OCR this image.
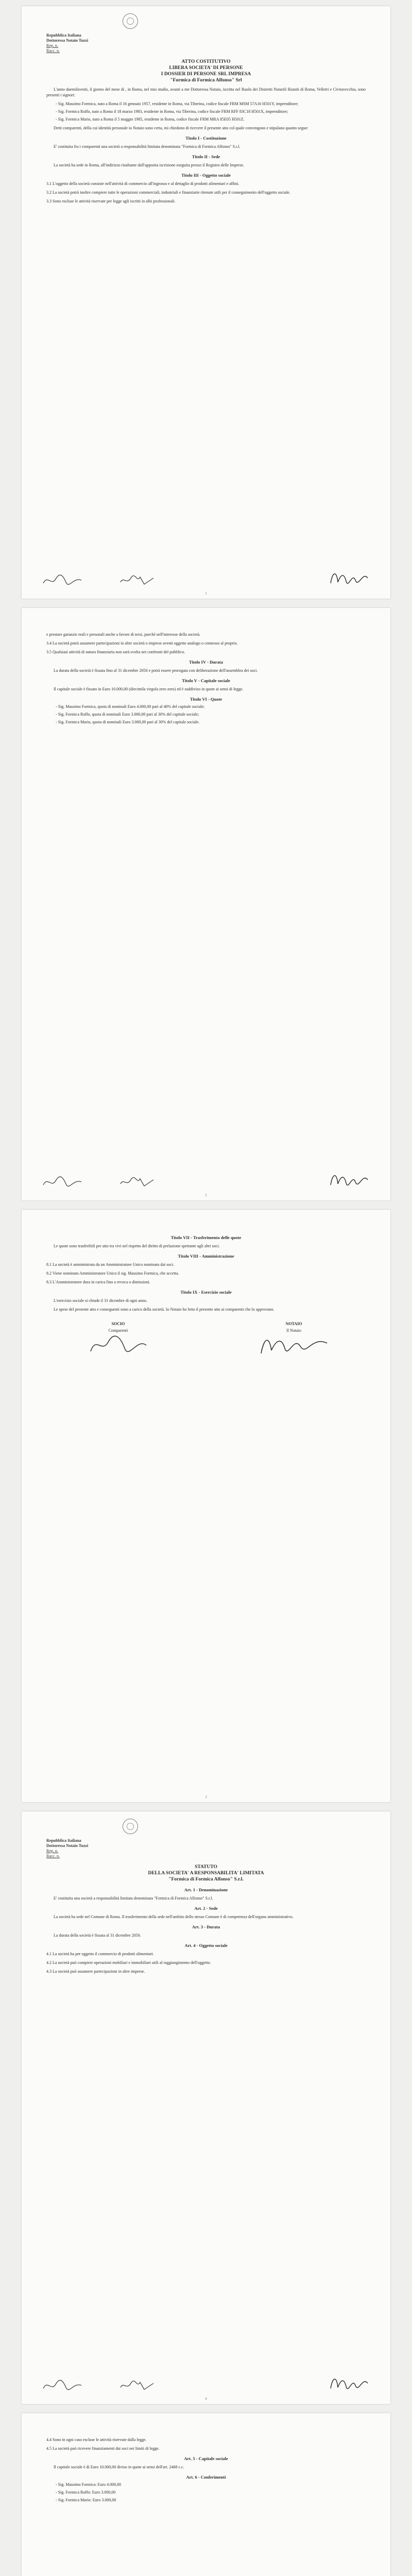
Repubblica Italiana
Dottoressa Notaio Tuzzi
Rep. n.
Racc. n.
ATTO COSTITUTIVO
LIBERA SOCIETA' DI PERSONE
I DOSSIER DI PERSONE SRL IMPRESA
"Formica di Formica Alfonso" Srl
L'anno duemilaventi, il giorno del mese di , in Roma, nel mio studio, avanti a me Dottoressa Notaio, iscritta nel Ruolo dei Distretti Notarili Riuniti di Roma, Velletri e Civitavecchia, sono presenti i signori:
- Sig. Massimo Formica, nato a Roma il 16 gennaio 1957, residente in Roma, via Tiberina, codice fiscale FRM MSM 57A16 H501Y, imprenditore;
- Sig. Formica Roffo, nato a Roma il 18 marzo 1983, residente in Roma, via Tiberina, codice fiscale FRM RFF 83C18 H501X, imprenditore;
- Sig. Formica Mario, nato a Roma il 5 maggio 1985, residente in Roma, codice fiscale FRM MRA 85E05 H501Z.
Detti comparenti, della cui identità personale io Notaio sono certa, mi chiedono di ricevere il presente atto col quale convengono e stipulano quanto segue:
Titolo I - Costituzione
E' costituita fra i comparenti una società a responsabilità limitata denominata "Formica di Formica Alfonso" S.r.l.
Titolo II - Sede
La società ha sede in Roma, all'indirizzo risultante dall'apposita iscrizione eseguita presso il Registro delle Imprese.
Titolo III - Oggetto sociale
3.1 L'oggetto della società consiste nell'attività di commercio all'ingrosso e al dettaglio di prodotti alimentari e affini.
3.2 La società potrà inoltre compiere tutte le operazioni commerciali, industriali e finanziarie ritenute utili per il conseguimento dell'oggetto sociale.
3.3 Sono escluse le attività riservate per legge agli iscritti in albi professionali.
1
e prestare garanzie reali e personali anche a favore di terzi, purché nell'interesse della società.
3.4 La società potrà assumere partecipazioni in altre società o imprese aventi oggetto analogo o connesso al proprio.
3.5 Qualsiasi attività di natura finanziaria non sarà svolta nei confronti del pubblico.
Titolo IV - Durata
La durata della società è fissata fino al 31 dicembre 2050 e potrà essere prorogata con deliberazione dell'assemblea dei soci.
Titolo V - Capitale sociale
Il capitale sociale è fissato in Euro 10.000,00 (diecimila virgola zero zero) ed è suddiviso in quote ai sensi di legge.
Titolo VI - Quote
- Sig. Massimo Formica, quota di nominali Euro 4.000,00 pari al 40% del capitale sociale;
- Sig. Formica Roffo, quota di nominali Euro 3.000,00 pari al 30% del capitale sociale;
- Sig. Formica Mario, quota di nominali Euro 3.000,00 pari al 30% del capitale sociale.
2
Titolo VII - Trasferimento delle quote
Le quote sono trasferibili per atto tra vivi nel rispetto del diritto di prelazione spettante agli altri soci.
Titolo VIII - Amministrazione
8.1 La società è amministrata da un Amministratore Unico nominato dai soci.
8.2 Viene nominato Amministratore Unico il sig. Massimo Formica, che accetta.
8.3 L'Amministratore dura in carica fino a revoca o dimissioni.
Titolo IX - Esercizio sociale
L'esercizio sociale si chiude il 31 dicembre di ogni anno.
Le spese del presente atto e conseguenti sono a carico della società. Io Notaio ho letto il presente atto ai comparenti che lo approvano.
SOCIO
Comparenti
NOTAIO
Il Notaio
3
Repubblica Italiana
Dottoressa Notaio Tuzzi
Rep. n.
Racc. n.
STATUTO
DELLA SOCIETA' A RESPONSABILITA' LIMITATA
"Formica di Formica Alfonso" S.r.l.
Art. 1 - Denominazione
E' costituita una società a responsabilità limitata denominata "Formica di Formica Alfonso" S.r.l.
Art. 2 - Sede
La società ha sede nel Comune di Roma. Il trasferimento della sede nell'ambito dello stesso Comune è di competenza dell'organo amministrativo.
Art. 3 - Durata
La durata della società è fissata al 31 dicembre 2050.
Art. 4 - Oggetto sociale
4.1 La società ha per oggetto il commercio di prodotti alimentari.
4.2 La società può compiere operazioni mobiliari e immobiliari utili al raggiungimento dell'oggetto.
4.3 La società può assumere partecipazioni in altre imprese.
4
4.4 Sono in ogni caso escluse le attività riservate dalla legge.
4.5 La società può ricevere finanziamenti dai soci nei limiti di legge.
Art. 5 - Capitale sociale
Il capitale sociale è di Euro 10.000,00 diviso in quote ai sensi dell'art. 2468 c.c.
Art. 6 - Conferimenti
- Sig. Massimo Formica: Euro 4.000,00
- Sig. Formica Roffo: Euro 3.000,00
- Sig. Formica Mario: Euro 3.000,00
